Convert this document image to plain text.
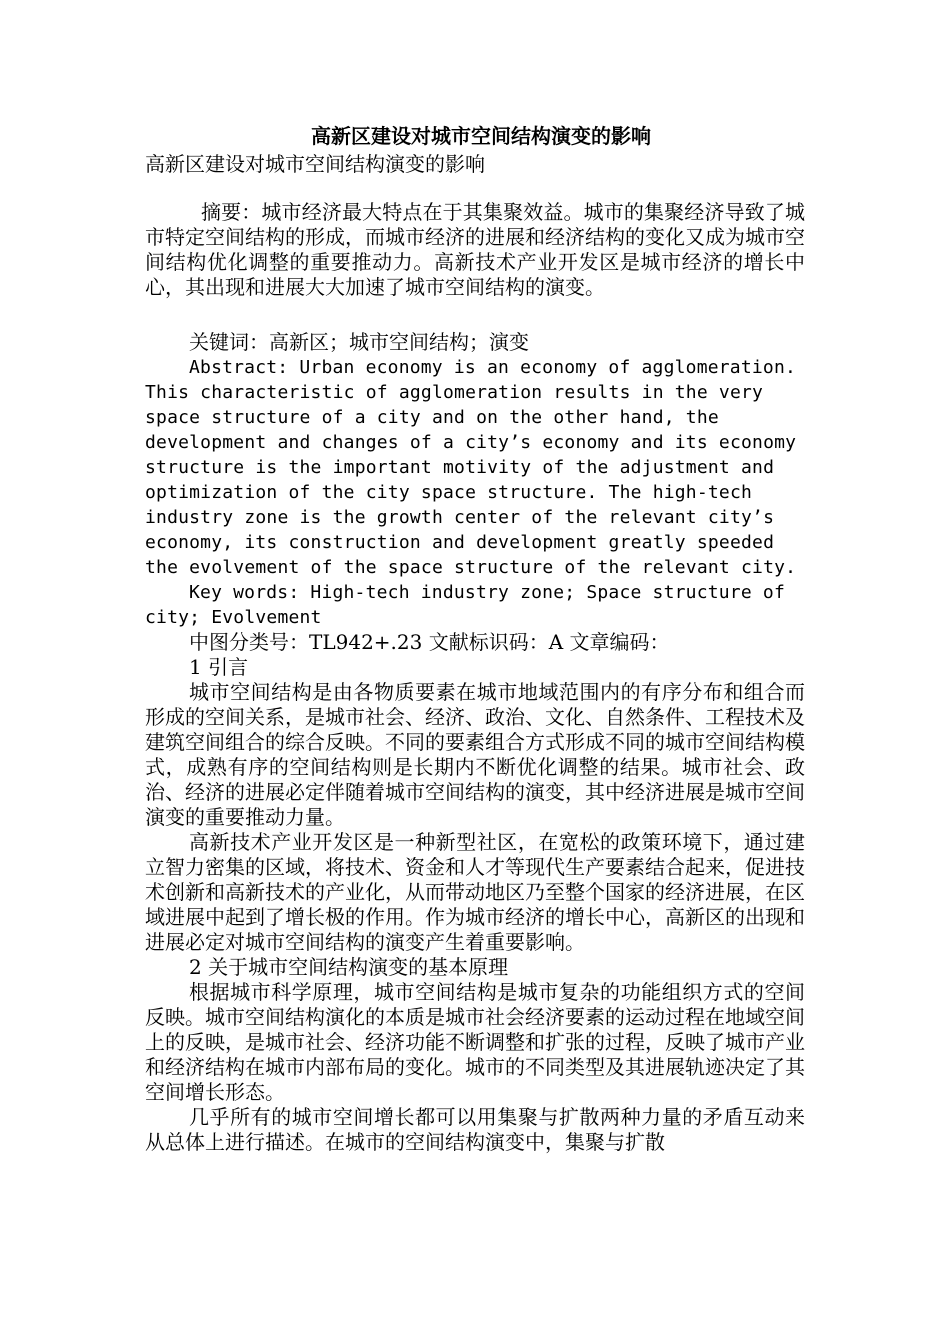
高新区建设对城市空间结构演变的影响

高新区建设对城市空间结构演变的影响

摘要：城市经济最大特点在于其集聚效益。城市的集聚经济导致了城市特定空间结构的形成，而城市经济的进展和经济结构的变化又成为城市空间结构优化调整的重要推动力。高新技术产业开发区是城市经济的增长中心，其出现和进展大大加速了城市空间结构的演变。

关键词：高新区；城市空间结构；演变

Abstract: Urban economy is an economy of agglomeration. This characteristic of agglomeration results in the very space structure of a city and on the other hand, the development and changes of a city’s economy and its economy structure is the important motivity of the adjustment and optimization of the city space structure. The high-tech industry zone is the growth center of the relevant city’s economy, its construction and development greatly speeded the evolvement of the space structure of the relevant city.

Key words: High-tech industry zone; Space structure of city; Evolvement

中图分类号：TL942+.23 文献标识码：A 文章编码：

1 引言

城市空间结构是由各物质要素在城市地域范围内的有序分布和组合而形成的空间关系，是城市社会、经济、政治、文化、自然条件、工程技术及建筑空间组合的综合反映。不同的要素组合方式形成不同的城市空间结构模式，成熟有序的空间结构则是长期内不断优化调整的结果。城市社会、政治、经济的进展必定伴随着城市空间结构的演变，其中经济进展是城市空间演变的重要推动力量。

高新技术产业开发区是一种新型社区，在宽松的政策环境下，通过建立智力密集的区域，将技术、资金和人才等现代生产要素结合起来，促进技术创新和高新技术的产业化，从而带动地区乃至整个国家的经济进展，在区域进展中起到了增长极的作用。作为城市经济的增长中心，高新区的出现和进展必定对城市空间结构的演变产生着重要影响。

2 关于城市空间结构演变的基本原理

根据城市科学原理，城市空间结构是城市复杂的功能组织方式的空间反映。城市空间结构演化的本质是城市社会经济要素的运动过程在地域空间上的反映，是城市社会、经济功能不断调整和扩张的过程，反映了城市产业和经济结构在城市内部布局的变化。城市的不同类型及其进展轨迹决定了其空间增长形态。

几乎所有的城市空间增长都可以用集聚与扩散两种力量的矛盾互动来从总体上进行描述。在城市的空间结构演变中，集聚与扩散
